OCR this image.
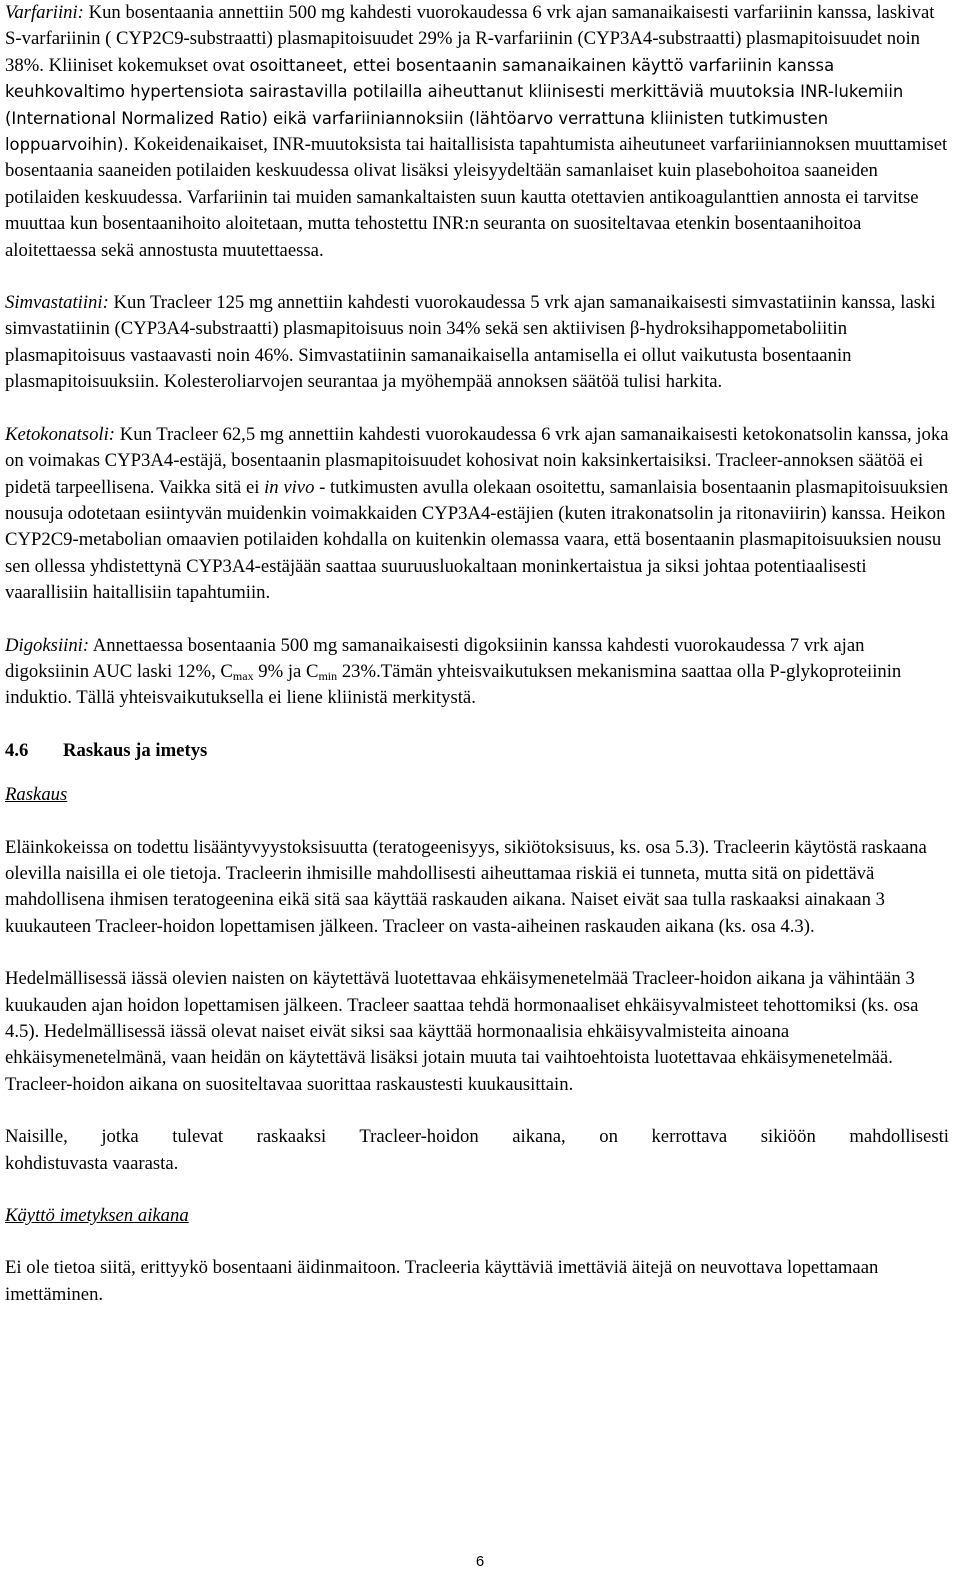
Varfariini: Kun bosentaania annettiin 500 mg kahdesti vuorokaudessa 6 vrk ajan samanaikaisesti varfariinin kanssa, laskivat S-varfariinin ( CYP2C9-substraatti) plasmapitoisuudet 29% ja R-varfariinin (CYP3A4-substraatti) plasmapitoisuudet noin 38%. Kliiniset kokemukset ovat osoittaneet, ettei bosentaanin samanaikainen käyttö varfariinin kanssa keuhkovaltimo hypertensiota sairastavilla potilailla aiheuttanut kliinisesti merkittäviä muutoksia INR-lukemiin (International Normalized Ratio) eikä varfariiniannoksiin (lähtöarvo verrattuna kliinisten tutkimusten loppuarvoihin). Kokeidenaikaiset, INR-muutoksista tai haitallisista tapahtumista aiheutuneet varfariiniannoksen muuttamiset bosentaania saaneiden potilaiden keskuudessa olivat lisäksi yleisyydeltään samanlaiset kuin plasebohoitoa saaneiden potilaiden keskuudessa. Varfariinin tai muiden samankaltaisten suun kautta otettavien antikoagulanttien annosta ei tarvitse muuttaa kun bosentaanihoito aloitetaan, mutta tehostettu INR:n seuranta on suositeltavaa etenkin bosentaanihoitoa aloitettaessa sekä annostusta muutettaessa.

Simvastatiini: Kun Tracleer 125 mg annettiin kahdesti vuorokaudessa 5 vrk ajan samanaikaisesti simvastatiinin kanssa, laski simvastatiinin (CYP3A4-substraatti) plasmapitoisuus noin 34% sekä sen aktiivisen β-hydroksihappometaboliitin plasmapitoisuus vastaavasti noin 46%. Simvastatiinin samanaikaisella antamisella ei ollut vaikutusta bosentaanin plasmapitoisuuksiin. Kolesteroliarvojen seurantaa ja myöhempää annoksen säätöä tulisi harkita.

Ketokonatsoli: Kun Tracleer 62,5 mg annettiin kahdesti vuorokaudessa 6 vrk ajan samanaikaisesti ketokonatsolin kanssa, joka on voimakas CYP3A4-estäjä, bosentaanin plasmapitoisuudet kohosivat noin kaksinkertaisiksi. Tracleer-annoksen säätöä ei pidetä tarpeellisena. Vaikka sitä ei in vivo - tutkimusten avulla olekaan osoitettu, samanlaisia bosentaanin plasmapitoisuuksien nousuja odotetaan esiintyvän muidenkin voimakkaiden CYP3A4-estäjien (kuten itrakonatsolin ja ritonaviirin) kanssa. Heikon CYP2C9-metabolian omaavien potilaiden kohdalla on kuitenkin olemassa vaara, että bosentaanin plasmapitoisuuksien nousu sen ollessa yhdistettynä CYP3A4-estäjään saattaa suuruusluokaltaan moninkertaistua ja siksi johtaa potentiaalisesti vaarallisiin haitallisiin tapahtumiin.

Digoksiini: Annettaessa bosentaania 500 mg samanaikaisesti digoksiinin kanssa kahdesti vuorokaudessa 7 vrk ajan digoksiinin AUC laski 12%, $C_{max}$ 9% ja $C_{min}$ 23%.Tämän yhteisvaikutuksen mekanismina saattaa olla P-glykoproteiinin induktio. Tällä yhteisvaikutuksella ei liene kliinistä merkitystä.

4.6 Raskaus ja imetys

Raskaus

Eläinkokeissa on todettu lisääntyvyystoksisuutta (teratogeenisyys, sikiötoksisuus, ks. osa 5.3). Tracleerin käytöstä raskaana olevilla naisilla ei ole tietoja. Tracleerin ihmisille mahdollisesti aiheuttamaa riskiä ei tunneta, mutta sitä on pidettävä mahdollisena ihmisen teratogeenina eikä sitä saa käyttää raskauden aikana. Naiset eivät saa tulla raskaaksi ainakaan 3 kuukauteen Tracleer-hoidon lopettamisen jälkeen. Tracleer on vasta-aiheinen raskauden aikana (ks. osa 4.3).

Hedelmällisessä iässä olevien naisten on käytettävä luotettavaa ehkäisymenetelmää Tracleer-hoidon aikana ja vähintään 3 kuukauden ajan hoidon lopettamisen jälkeen. Tracleer saattaa tehdä hormonaaliset ehkäisyvalmisteet tehottomiksi (ks. osa 4.5). Hedelmällisessä iässä olevat naiset eivät siksi saa käyttää hormonaalisia ehkäisyvalmisteita ainoana ehkäisymenetelmänä, vaan heidän on käytettävä lisäksi jotain muuta tai vaihtoehtoista luotettavaa ehkäisymenetelmää. Tracleer-hoidon aikana on suositeltavaa suorittaa raskaustesti kuukausittain.

Naisille, jotka tulevat raskaaksi Tracleer-hoidon aikana, on kerrottava sikiöön mahdollisesti

kohdistuvasta vaarasta.

Käyttö imetyksen aikana

Ei ole tietoa siitä, erittyykö bosentaani äidinmaitoon. Tracleeria käyttäviä imettäviä äitejä on neuvottava lopettamaan imettäminen.

6
